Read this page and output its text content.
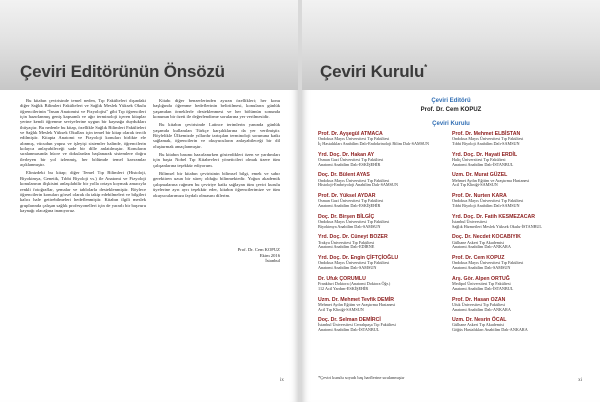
Çeviri Editörünün Önsözü

Bu kitabın çevirisinde temel neden, Tıp Fakülteleri dışındaki diğer Sağlık Bilimleri Fakülteleri ve Sağlık Meslek Yüksek Okulu öğrencilerinin "İnsan Anatomisi ve Fizyolojisi" gibi Tıp öğrencileri için hazırlanmış geniş kapsamlı ve ağır terminoloji içeren kitaplar yerine kendi öğrenme seviyelerine uygun bir kaynağa duydukları ihtiyaçtır. Bu nedenle bu kitap, özellikle Sağlık Bilimleri Fakülteleri ve Sağlık Meslek Yüksek Okulları için temel bir kitap olarak tercih edilmiştir. Kitapta Anatomi ve Fizyoloji konuları birlikte ele alınmış, vücudun yapısı ve işleyişi sistemler halinde, öğrencilerin kolayca anlayabileceği sade bir dille anlatılmıştır. Konuların sıralanmasında hücre ve dokulardan başlanarak sistemlere doğru ilerleyen bir yol izlenmiş, her bölümde temel kavramlar açıklanmıştır.

Elinizdeki bu kitap; diğer Temel Tıp Bilimleri (Histoloji, Biyokimya, Genetik, Tıbbi Biyoloji vs.) ile Anatomi ve Fizyoloji konularının ilişkisini anlaşılabilir bir yolla ortaya koymak amacıyla renkli fotoğraflar, şemalar ve tablolarla desteklenmiştir. Böylece öğrencilerin konuları görsel olarak da takip edebilmeleri ve bilgileri kalıcı hale getirebilmeleri hedeflenmiştir. Kitabın ilgili meslek gruplarında çalışan sağlık profesyonelleri için de yararlı bir başvuru kaynağı olacağına inanıyoruz.

Kitabı diğer benzerlerinden ayıran özellikleri; her konu başlığında öğrenme hedeflerinin belirtilmesi, konuların günlük yaşamdan örneklerle desteklenmesi ve her bölümün sonunda konunun bir özeti ile değerlendirme sorularına yer verilmesidir.

Bu kitabın çevirisinde Latince terimlerin yanında günlük yaşamda kullanılan Türkçe karşılıklarına da yer verilmiştir. Böylelikle Ülkemizde yıllardır tartışılan terminoloji sorununa katkı sağlamak, öğrencilerin ve okuyucuların anlayabileceği bir dil oluşturmak amaçlanmıştır.

Bu kitabın basımı hazırlanırken gösterdikleri özen ve yardımları için başta Nobel Tıp Kitabevleri yöneticileri olmak üzere tüm çalışanlarına teşekkür ediyorum.

Bilimsel bir kitabın çevirisinin bilimsel bilgi, emek ve sabır gerektiren uzun bir süreç olduğu bilinmektedir. Yoğun akademik çalışmalarına rağmen bu çeviriye katkı sağlayan tüm çeviri kurulu üyelerine ayrı ayrı teşekkür eder, kitabın öğrencilerimize ve tüm okuyucularımıza faydalı olmasını dilerim.

Prof. Dr. Cem KOPUZ
Ekim 2016
İstanbul
ix
Çeviri Kurulu*
Çeviri Editörü
Prof. Dr. Cem KOPUZ
Çeviri Kurulu
Prof. Dr. Ayşegül ATMACA
Ondokuz Mayıs Üniversitesi Tıp Fakültesi
İç Hastalıkları Anabilim Dalı-Endokrinoloji Bilim Dalı-SAMSUN
Yrd. Doç. Dr. Hakan AY
Osman Gazi Üniversitesi Tıp Fakültesi
Anatomi Anabilim Dalı-ESKİŞEHİR
Doç. Dr. Bülent AYAS
Ondokuz Mayıs Üniversitesi Tıp Fakültesi
Histoloji-Embriyoloji Anabilim Dalı-SAMSUN
Prof. Dr. Yüksel AYDAR
Osman Gazi Üniversitesi Tıp Fakültesi
Anatomi Anabilim Dalı-ESKİŞEHİR
Doç. Dr. Birşen BİLGİÇ
Ondokuz Mayıs Üniversitesi Tıp Fakültesi
Biyokimya Anabilim Dalı-SAMSUN
Yrd. Doç. Dr. Cüneyt BOZER
Trakya Üniversitesi Tıp Fakültesi
Anatomi Anabilim Dalı-EDİRNE
Yrd. Doç. Dr. Engin ÇİFTÇİOĞLU
Ondokuz Mayıs Üniversitesi Tıp Fakültesi
Anatomi Anabilim Dalı-SAMSUN
Dr. Ufuk ÇORUMLU
Frankfurt Doktora (Anatomi Doktora Öğr.)
112 Acil Yardım-ESKİŞEHİR
Uzm. Dr. Mehmet Tevfik DEMİR
Mehmet Aydın Eğitim ve Araştırma Hastanesi
Acil Tıp Kliniği-SAMSUN
Doç. Dr. Selman DEMİRCİ
İstanbul Üniversitesi Cerrahpaşa Tıp Fakültesi
Anatomi Anabilim Dalı-İSTANBUL
Prof. Dr. Mehmet ELBİSTAN
Ondokuz Mayıs Üniversitesi Tıp Fakültesi
Tıbbi Biyoloji Anabilim Dalı-SAMSUN
Yrd. Doç. Dr. Hayati ERDİL
Haliç Üniversitesi Tıp Fakültesi
Anatomi Anabilim Dalı-İSTANBUL
Uzm. Dr. Murat GÜZEL
Mehmet Aydın Eğitim ve Araştırma Hastanesi
Acil Tıp Kliniği-SAMSUN
Prof. Dr. Nurten KARA
Ondokuz Mayıs Üniversitesi Tıp Fakültesi
Tıbbi Biyoloji Anabilim Dalı-SAMSUN
Yrd. Doç. Dr. Fatih KESMEZACAR
İstanbul Üniversitesi
Sağlık Hizmetleri Meslek Yüksek Okulu-İSTANBUL
Doç. Dr. Necdet KOCABIYIK
Gülhane Askeri Tıp Akademisi
Anatomi Anabilim Dalı-ANKARA
Prof. Dr. Cem KOPUZ
Ondokuz Mayıs Üniversitesi Tıp Fakültesi
Anatomi Anabilim Dalı-SAMSUN
Arş. Gör. Alpen ORTUĞ
Medipol Üniversitesi Tıp Fakültesi
Anatomi Anabilim Dalı-İSTANBUL
Prof. Dr. Hasan OZAN
Ufuk Üniversitesi Tıp Fakültesi
Anatomi Anabilim Dalı-ANKARA
Uzm. Dr. Nesrin ÖCAL
Gülhane Askeri Tıp Akademisi
Göğüs Hastalıkları Anabilim Dalı-ANKARA
*Çeviri kurulu soyadı baş harflerine sıralanmıştır
xi
